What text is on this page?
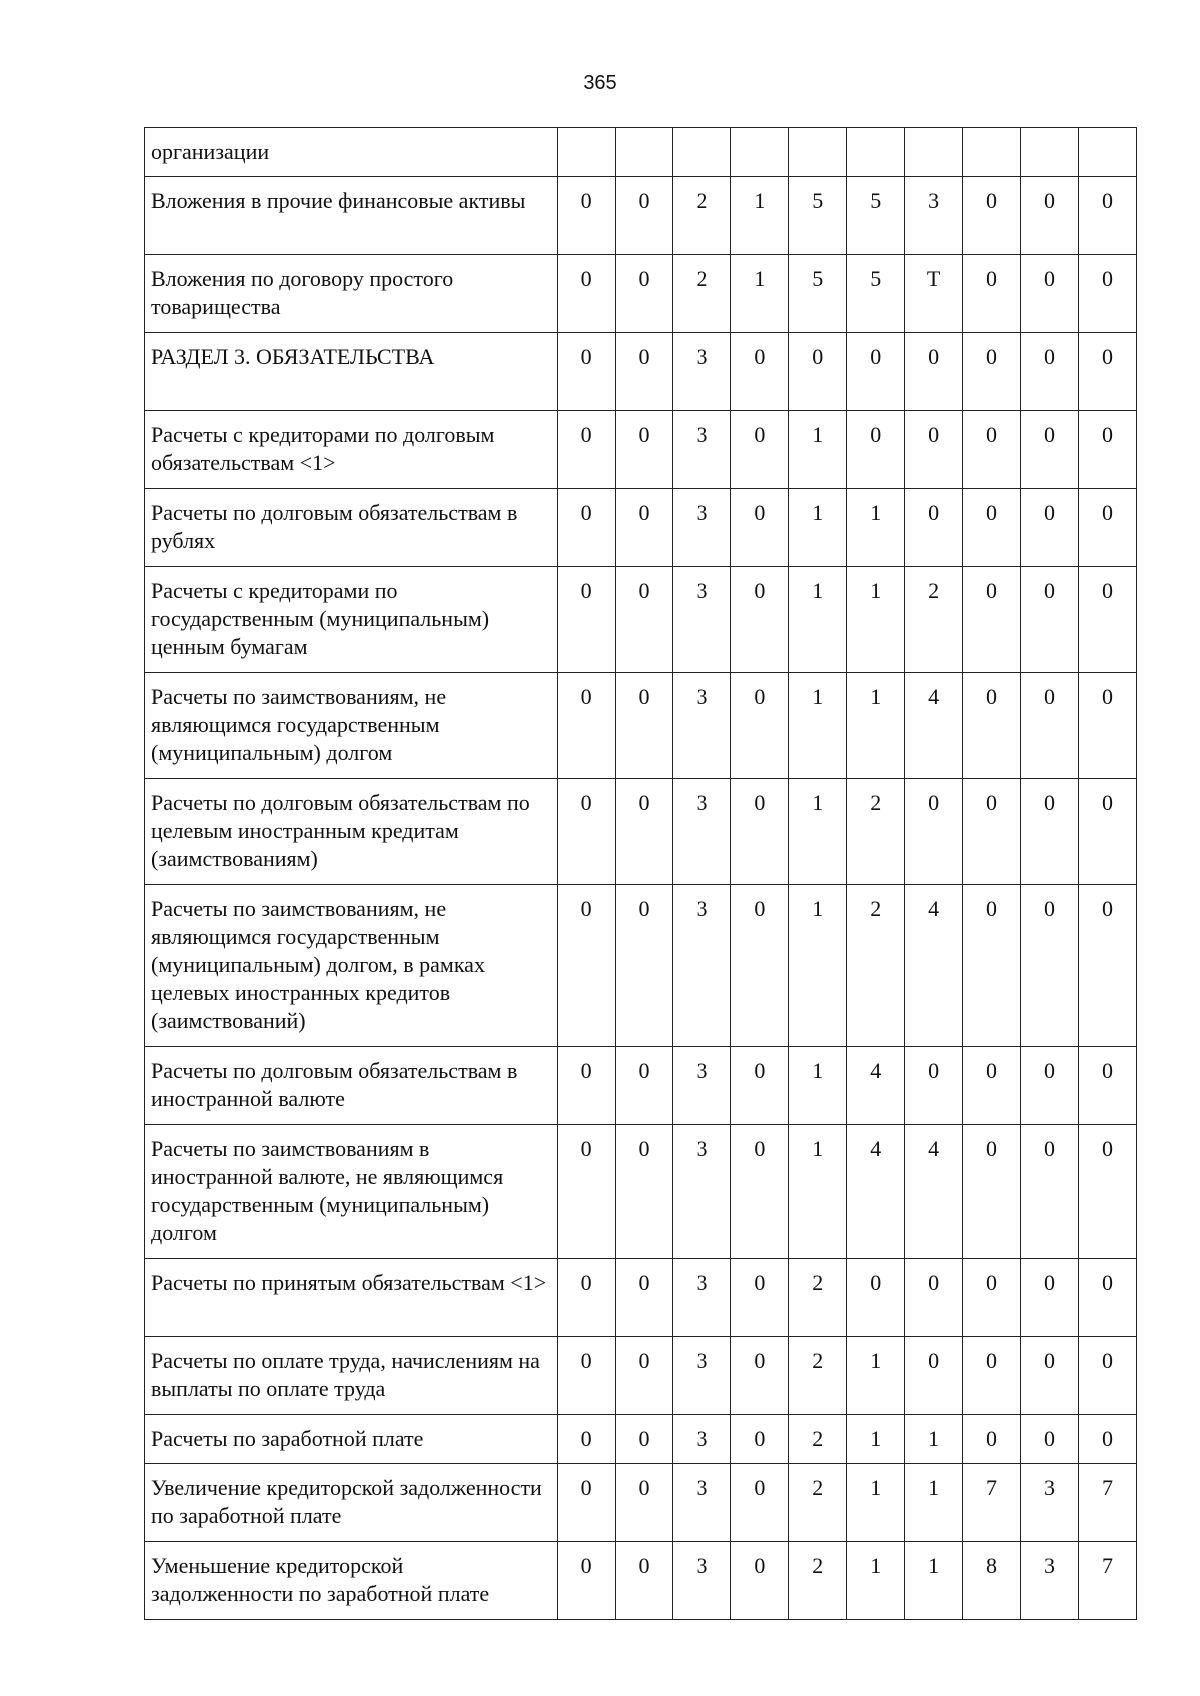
365
организации										
Вложения в прочие финансовые активы	0	0	2	1	5	5	3	0	0	0
Вложения по договору простого товарищества	0	0	2	1	5	5	Т	0	0	0
РАЗДЕЛ 3. ОБЯЗАТЕЛЬСТВА	0	0	3	0	0	0	0	0	0	0
Расчеты с кредиторами по долговым обязательствам <1>	0	0	3	0	1	0	0	0	0	0
Расчеты по долговым обязательствам в рублях	0	0	3	0	1	1	0	0	0	0
Расчеты с кредиторами по государственным (муниципальным) ценным бумагам	0	0	3	0	1	1	2	0	0	0
Расчеты по заимствованиям, не являющимся государственным (муниципальным) долгом	0	0	3	0	1	1	4	0	0	0
Расчеты по долговым обязательствам по целевым иностранным кредитам (заимствованиям)	0	0	3	0	1	2	0	0	0	0
Расчеты по заимствованиям, не являющимся государственным (муниципальным) долгом, в рамках целевых иностранных кредитов (заимствований)	0	0	3	0	1	2	4	0	0	0
Расчеты по долговым обязательствам в иностранной валюте	0	0	3	0	1	4	0	0	0	0
Расчеты по заимствованиям в иностранной валюте, не являющимся государственным (муниципальным) долгом	0	0	3	0	1	4	4	0	0	0
Расчеты по принятым обязательствам <1>	0	0	3	0	2	0	0	0	0	0
Расчеты по оплате труда, начислениям на выплаты по оплате труда	0	0	3	0	2	1	0	0	0	0
Расчеты по заработной плате	0	0	3	0	2	1	1	0	0	0
Увеличение кредиторской задолженности по заработной плате	0	0	3	0	2	1	1	7	3	7
Уменьшение кредиторской задолженности по заработной плате	0	0	3	0	2	1	1	8	3	7
